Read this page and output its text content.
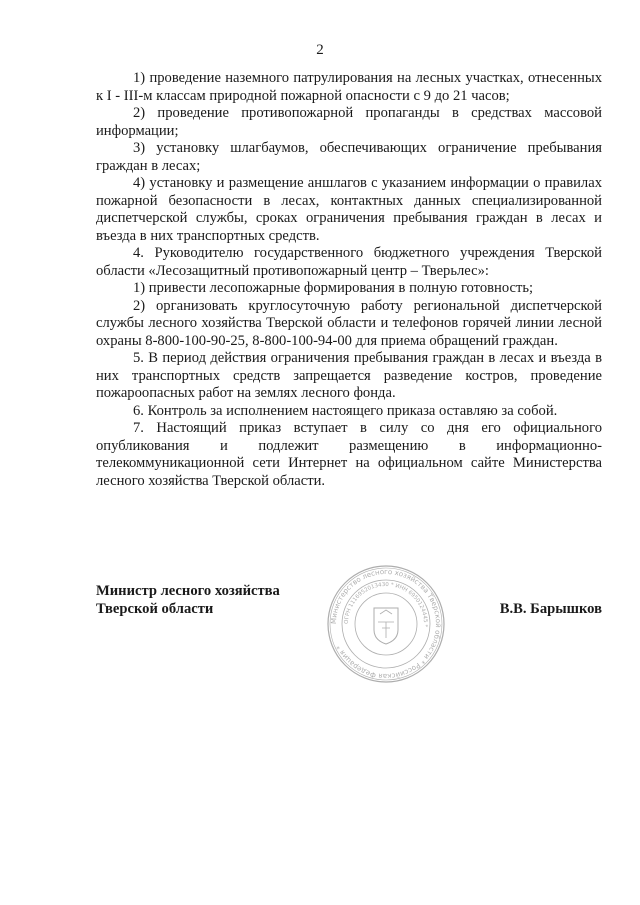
2

1) проведение наземного патрулирования на лесных участках, отнесенных к I - III-м классам природной пожарной опасности с 9 до 21 часов;

2) проведение противопожарной пропаганды в средствах массовой информации;

3) установку шлагбаумов, обеспечивающих ограничение пребывания граждан в лесах;

4) установку и размещение аншлагов с указанием информации о правилах пожарной безопасности в лесах, контактных данных специализированной диспетчерской службы, сроках ограничения пребывания граждан в лесах и въезда в них транспортных средств.

4. Руководителю государственного бюджетного учреждения Тверской области «Лесозащитный противопожарный центр – Тверьлес»:

1) привести лесопожарные формирования в полную готовность;

2) организовать круглосуточную работу региональной диспетчерской службы лесного хозяйства Тверской области и телефонов горячей линии лесной охраны 8-800-100-90-25, 8-800-100-94-00 для приема обращений граждан.

5. В период действия ограничения пребывания граждан в лесах и въезда в них транспортных средств запрещается разведение костров, проведение пожароопасных работ на землях лесного фонда.

6. Контроль за исполнением настоящего приказа оставляю за собой.

7. Настоящий приказ вступает в силу со дня его официального опубликования и подлежит размещению в информационно-телекоммуникационной сети Интернет на официальном сайте Министерства лесного хозяйства Тверской области.

Министр лесного хозяйства
Тверской области
Министерство лесного хозяйства Тверской области * Российская Федерация *
ОГРН 1116952013430 * ИНН 6950124445 *
В.В. Барышков
